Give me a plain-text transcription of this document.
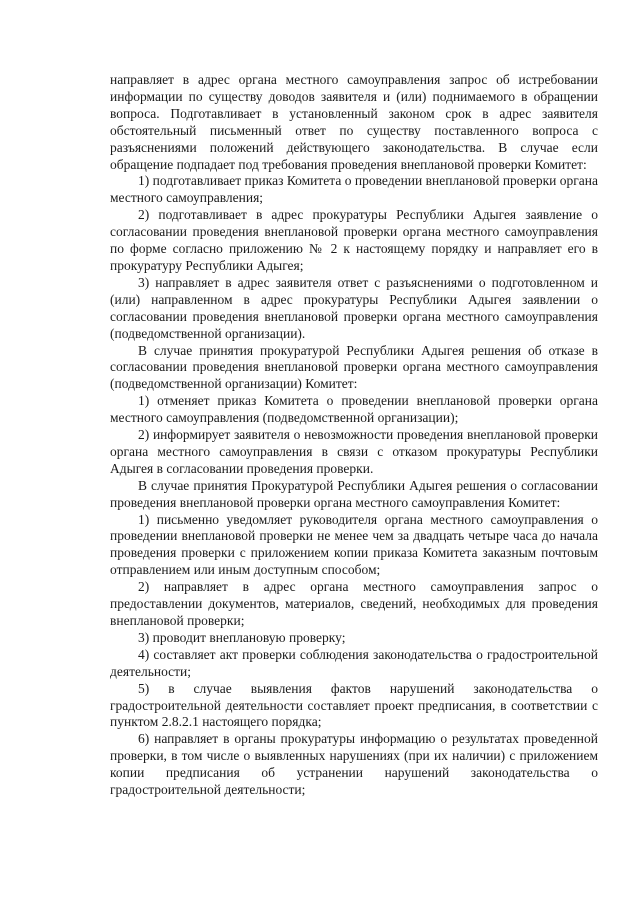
направляет в адрес органа местного самоуправления запрос об истребовании информации по существу доводов заявителя и (или) поднимаемого в обращении вопроса. Подготавливает в установленный законом срок в адрес заявителя обстоятельный письменный ответ по существу поставленного вопроса с разъяснениями положений действующего законодательства. В случае если обращение подпадает под требования проведения внеплановой проверки Комитет:

1) подготавливает приказ Комитета о проведении внеплановой проверки органа местного самоуправления;

2) подготавливает в адрес прокуратуры Республики Адыгея заявление о согласовании проведения внеплановой проверки органа местного самоуправления по форме согласно приложению № 2 к настоящему порядку и направляет его в прокуратуру Республики Адыгея;

3) направляет в адрес заявителя ответ с разъяснениями о подготовленном и (или) направленном в адрес прокуратуры Республики Адыгея заявлении о согласовании проведения внеплановой проверки органа местного самоуправления (подведомственной организации).

В случае принятия прокуратурой Республики Адыгея решения об отказе в согласовании проведения внеплановой проверки органа местного самоуправления (подведомственной организации) Комитет:

1) отменяет приказ Комитета о проведении внеплановой проверки органа местного самоуправления (подведомственной организации);

2) информирует заявителя о невозможности проведения внеплановой проверки органа местного самоуправления в связи с отказом прокуратуры Республики Адыгея в согласовании проведения проверки.

В случае принятия Прокуратурой Республики Адыгея решения о согласовании проведения внеплановой проверки органа местного самоуправления Комитет:

1) письменно уведомляет руководителя органа местного самоуправления о проведении внеплановой проверки не менее чем за двадцать четыре часа до начала проведения проверки с приложением копии приказа Комитета заказным почтовым отправлением или иным доступным способом;

2) направляет в адрес органа местного самоуправления запрос о предоставлении документов, материалов, сведений, необходимых для проведения внеплановой проверки;

3) проводит внеплановую проверку;

4) составляет акт проверки соблюдения законодательства о градостроительной деятельности;

5) в случае выявления фактов нарушений законодательства о градостроительной деятельности составляет проект предписания, в соответствии с пунктом 2.8.2.1 настоящего порядка;

6) направляет в органы прокуратуры информацию о результатах проведенной проверки, в том числе о выявленных нарушениях (при их наличии) с приложением копии предписания об устранении нарушений законодательства о градостроительной деятельности;
